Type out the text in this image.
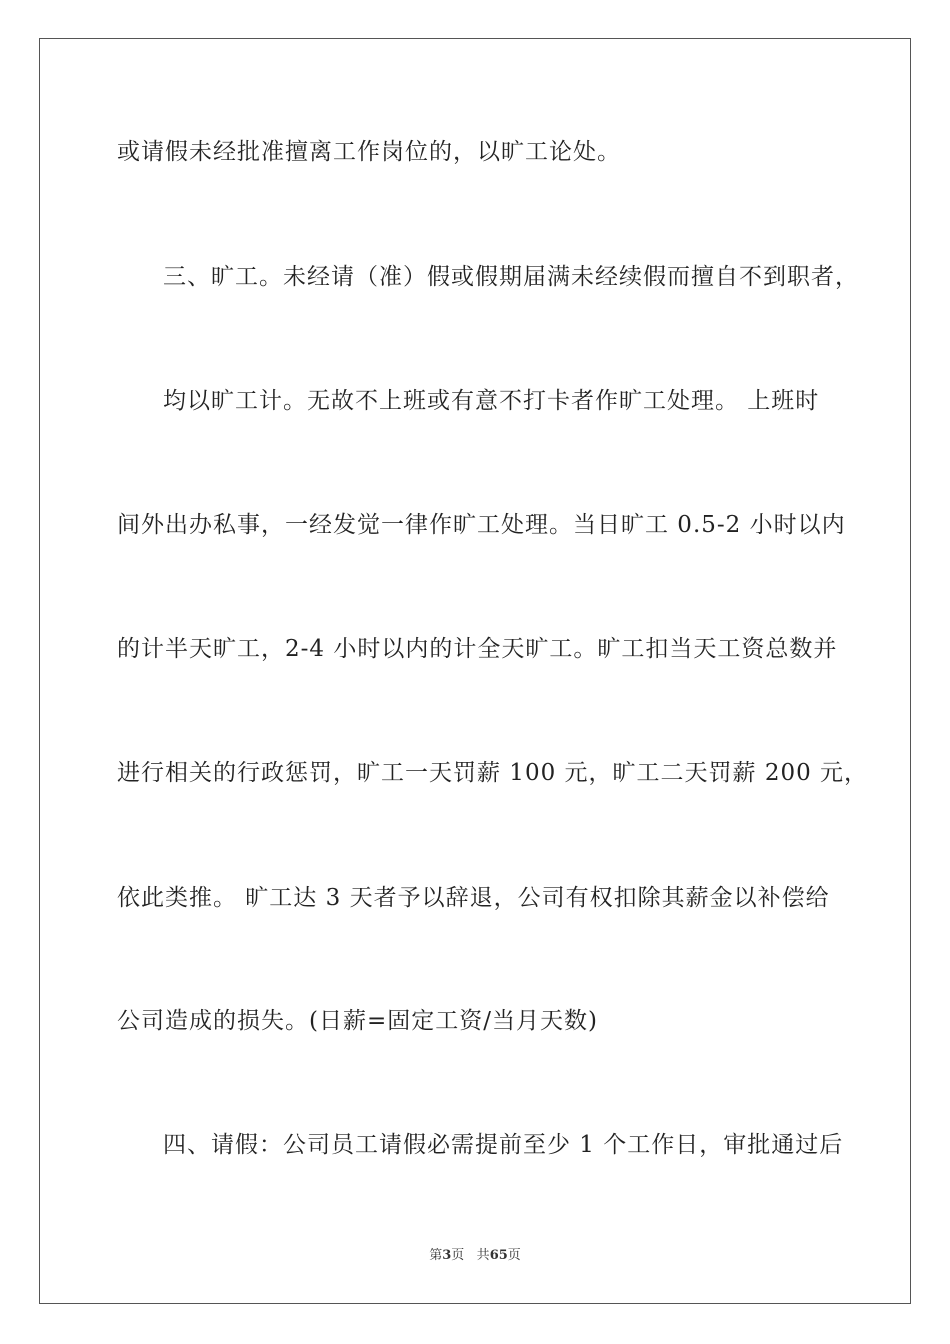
或请假未经批准擅离工作岗位的，以旷工论处。
三、旷工。未经请（准）假或假期届满未经续假而擅自不到职者，
均以旷工计。无故不上班或有意不打卡者作旷工处理。 上班时
间外出办私事，一经发觉一律作旷工处理。当日旷工 0.5-2 小时以内
的计半天旷工，2-4 小时以内的计全天旷工。旷工扣当天工资总数并
进行相关的行政惩罚，旷工一天罚薪 100 元，旷工二天罚薪 200 元，
依此类推。 旷工达 3 天者予以辞退，公司有权扣除其薪金以补偿给
公司造成的损失。(日薪=固定工资/当月天数)
四、请假：公司员工请假必需提前至少 1 个工作日，审批通过后
第3页 共65页
